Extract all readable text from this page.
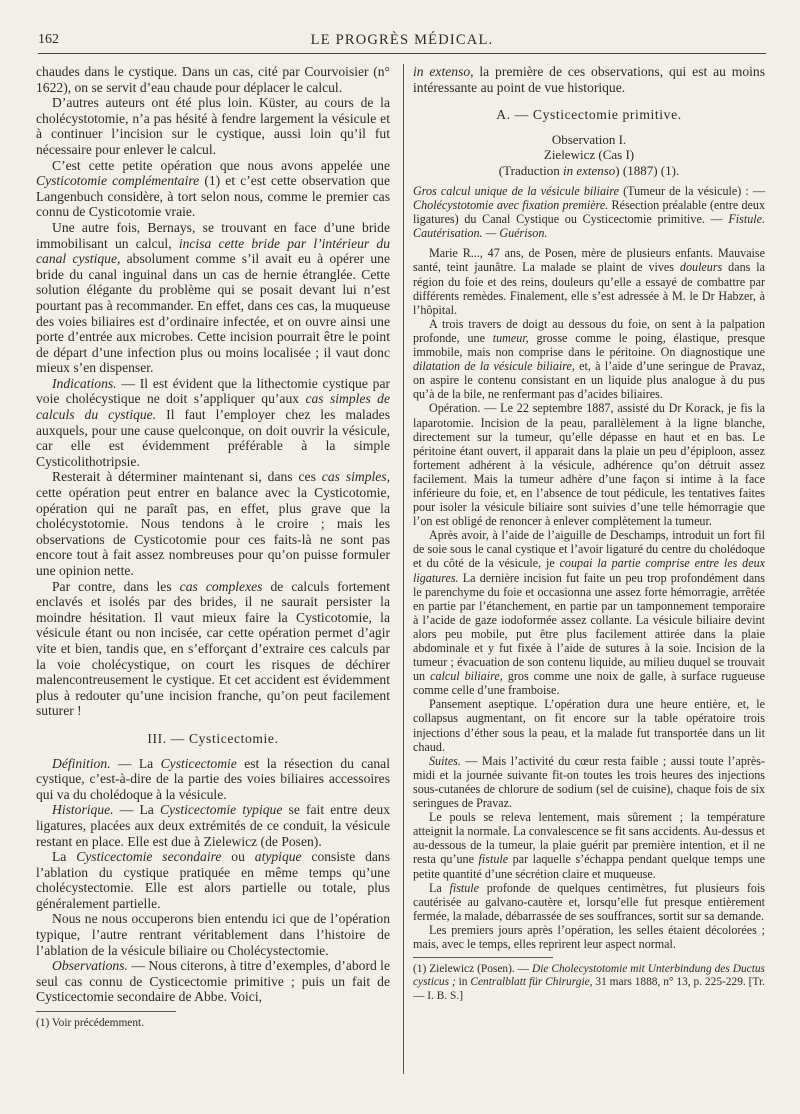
162	LE PROGRÈS MÉDICAL.

chaudes dans le cystique. Dans un cas, cité par Courvoisier (n° 1622), on se servit d’eau chaude pour déplacer le calcul.

D’autres auteurs ont été plus loin. Küster, au cours de la cholécystotomie, n’a pas hésité à fendre largement la vésicule et à continuer l’incision sur le cystique, aussi loin qu’il fut nécessaire pour enlever le calcul.

C’est cette petite opération que nous avons appelée une Cysticotomie complémentaire (1) et c’est cette observation que Langenbuch considère, à tort selon nous, comme le premier cas connu de Cysticotomie vraie.

Une autre fois, Bernays, se trouvant en face d’une bride immobilisant un calcul, incisa cette bride par l’intérieur du canal cystique, absolument comme s’il avait eu à opérer une bride du canal inguinal dans un cas de hernie étranglée. Cette solution élégante du problème qui se posait devant lui n’est pourtant pas à recommander. En effet, dans ces cas, la muqueuse des voies biliaires est d’ordinaire infectée, et on ouvre ainsi une porte d’entrée aux microbes. Cette incision pourrait être le point de départ d’une infection plus ou moins localisée ; il vaut donc mieux s’en dispenser.

Indications. — Il est évident que la lithectomie cystique par voie cholécystique ne doit s’appliquer qu’aux cas simples de calculs du cystique. Il faut l’employer chez les malades auxquels, pour une cause quelconque, on doit ouvrir la vésicule, car elle est évidemment préférable à la simple Cysticolithotripsie.

Resterait à déterminer maintenant si, dans ces cas simples, cette opération peut entrer en balance avec la Cysticotomie, opération qui ne paraît pas, en effet, plus grave que la cholécystotomie. Nous tendons à le croire ; mais les observations de Cysticotomie pour ces faits-là ne sont pas encore tout à fait assez nombreuses pour qu’on puisse formuler une opinion nette.

Par contre, dans les cas complexes de calculs fortement enclavés et isolés par des brides, il ne saurait persister la moindre hésitation. Il vaut mieux faire la Cysticotomie, la vésicule étant ou non incisée, car cette opération permet d’agir vite et bien, tandis que, en s’efforçant d’extraire ces calculs par la voie cholécystique, on court les risques de déchirer malencontreusement le cystique. Et cet accident est évidemment plus à redouter qu’une incision franche, qu’on peut facilement suturer !

III. — Cysticectomie.

Définition. — La Cysticectomie est la résection du canal cystique, c’est-à-dire de la partie des voies biliaires accessoires qui va du cholédoque à la vésicule.

Historique. — La Cysticectomie typique se fait entre deux ligatures, placées aux deux extrémités de ce conduit, la vésicule restant en place. Elle est due à Zielewicz (de Posen).

La Cysticectomie secondaire ou atypique consiste dans l’ablation du cystique pratiquée en même temps qu’une cholécystectomie. Elle est alors partielle ou totale, plus généralement partielle.

Nous ne nous occuperons bien entendu ici que de l’opération typique, l’autre rentrant véritablement dans l’histoire de l’ablation de la vésicule biliaire ou Cholécystectomie.

Observations. — Nous citerons, à titre d’exemples, d’abord le seul cas connu de Cysticectomie primitive ; puis un fait de Cysticectomie secondaire de Abbe. Voici,

(1) Voir précédemment.

in extenso, la première de ces observations, qui est au moins intéressante au point de vue historique.

A. — Cysticectomie primitive.
Observation I.
Zielewicz (Cas I)
(Traduction in extenso) (1887) (1).

Gros calcul unique de la vésicule biliaire (Tumeur de la vésicule) : — Cholécystotomie avec fixation première. Résection préalable (entre deux ligatures) du Canal Cystique ou Cysticectomie primitive. — Fistule. Cautérisation. — Guérison.

Marie R..., 47 ans, de Posen, mère de plusieurs enfants. Mauvaise santé, teint jaunâtre. La malade se plaint de vives douleurs dans la région du foie et des reins, douleurs qu’elle a essayé de combattre par différents remèdes. Finalement, elle s’est adressée à M. le Dr Habzer, à l’hôpital.

A trois travers de doigt au dessous du foie, on sent à la palpation profonde, une tumeur, grosse comme le poing, élastique, presque immobile, mais non comprise dans le péritoine. On diagnostique une dilatation de la vésicule biliaire, et, à l’aide d’une seringue de Pravaz, on aspire le contenu consistant en un liquide plus analogue à du pus qu’à de la bile, ne renfermant pas d’acides biliaires.

Opération. — Le 22 septembre 1887, assisté du Dr Korack, je fis la laparotomie. Incision de la peau, parallèlement à la ligne blanche, directement sur la tumeur, qu’elle dépasse en haut et en bas. Le péritoine étant ouvert, il apparait dans la plaie un peu d’épiploon, assez fortement adhérent à la vésicule, adhérence qu’on détruit assez facilement. Mais la tumeur adhère d’une façon si intime à la face inférieure du foie, et, en l’absence de tout pédicule, les tentatives faites pour isoler la vésicule biliaire sont suivies d’une telle hémorragie que l’on est obligé de renoncer à enlever complètement la tumeur.

Après avoir, à l’aide de l’aiguille de Deschamps, introduit un fort fil de soie sous le canal cystique et l’avoir ligaturé du centre du cholédoque et du côté de la vésicule, je coupai la partie comprise entre les deux ligatures. La dernière incision fut faite un peu trop profondément dans le parenchyme du foie et occasionna une assez forte hémorragie, arrêtée en partie par l’étanchement, en partie par un tamponnement temporaire à l’acide de gaze iodoformée assez collante. La vésicule biliaire devint alors peu mobile, put être plus facilement attirée dans la plaie abdominale et y fut fixée à l’aide de sutures à la soie. Incision de la tumeur ; évacuation de son contenu liquide, au milieu duquel se trouvait un calcul biliaire, gros comme une noix de galle, à surface rugueuse comme celle d’une framboise.

Pansement aseptique. L’opération dura une heure entière, et, le collapsus augmentant, on fit encore sur la table opératoire trois injections d’éther sous la peau, et la malade fut transportée dans un lit chaud.

Suites. — Mais l’activité du cœur resta faible ; aussi toute l’après-midi et la journée suivante fit-on toutes les trois heures des injections sous-cutanées de chlorure de sodium (sel de cuisine), chaque fois de six seringues de Pravaz.

Le pouls se releva lentement, mais sûrement ; la température atteignit la normale. La convalescence se fit sans accidents. Au-dessus et au-dessous de la tumeur, la plaie guérit par première intention, et il ne resta qu’une fistule par laquelle s’échappa pendant quelque temps une petite quantité d’une sécrétion claire et muqueuse.

La fistule profonde de quelques centimètres, fut plusieurs fois cautérisée au galvano-cautère et, lorsqu’elle fut presque entièrement fermée, la malade, débarrassée de ses souffrances, sortit sur sa demande.

Les premiers jours après l’opération, les selles étaient décolorées ; mais, avec le temps, elles reprirent leur aspect normal.

(1) Zielewicz (Posen). — Die Cholecystotomie mit Unterbindung des Ductus cysticus ; in Centralblatt für Chirurgie, 31 mars 1888, n° 13, p. 225-229. [Tr. — I. B. S.]
